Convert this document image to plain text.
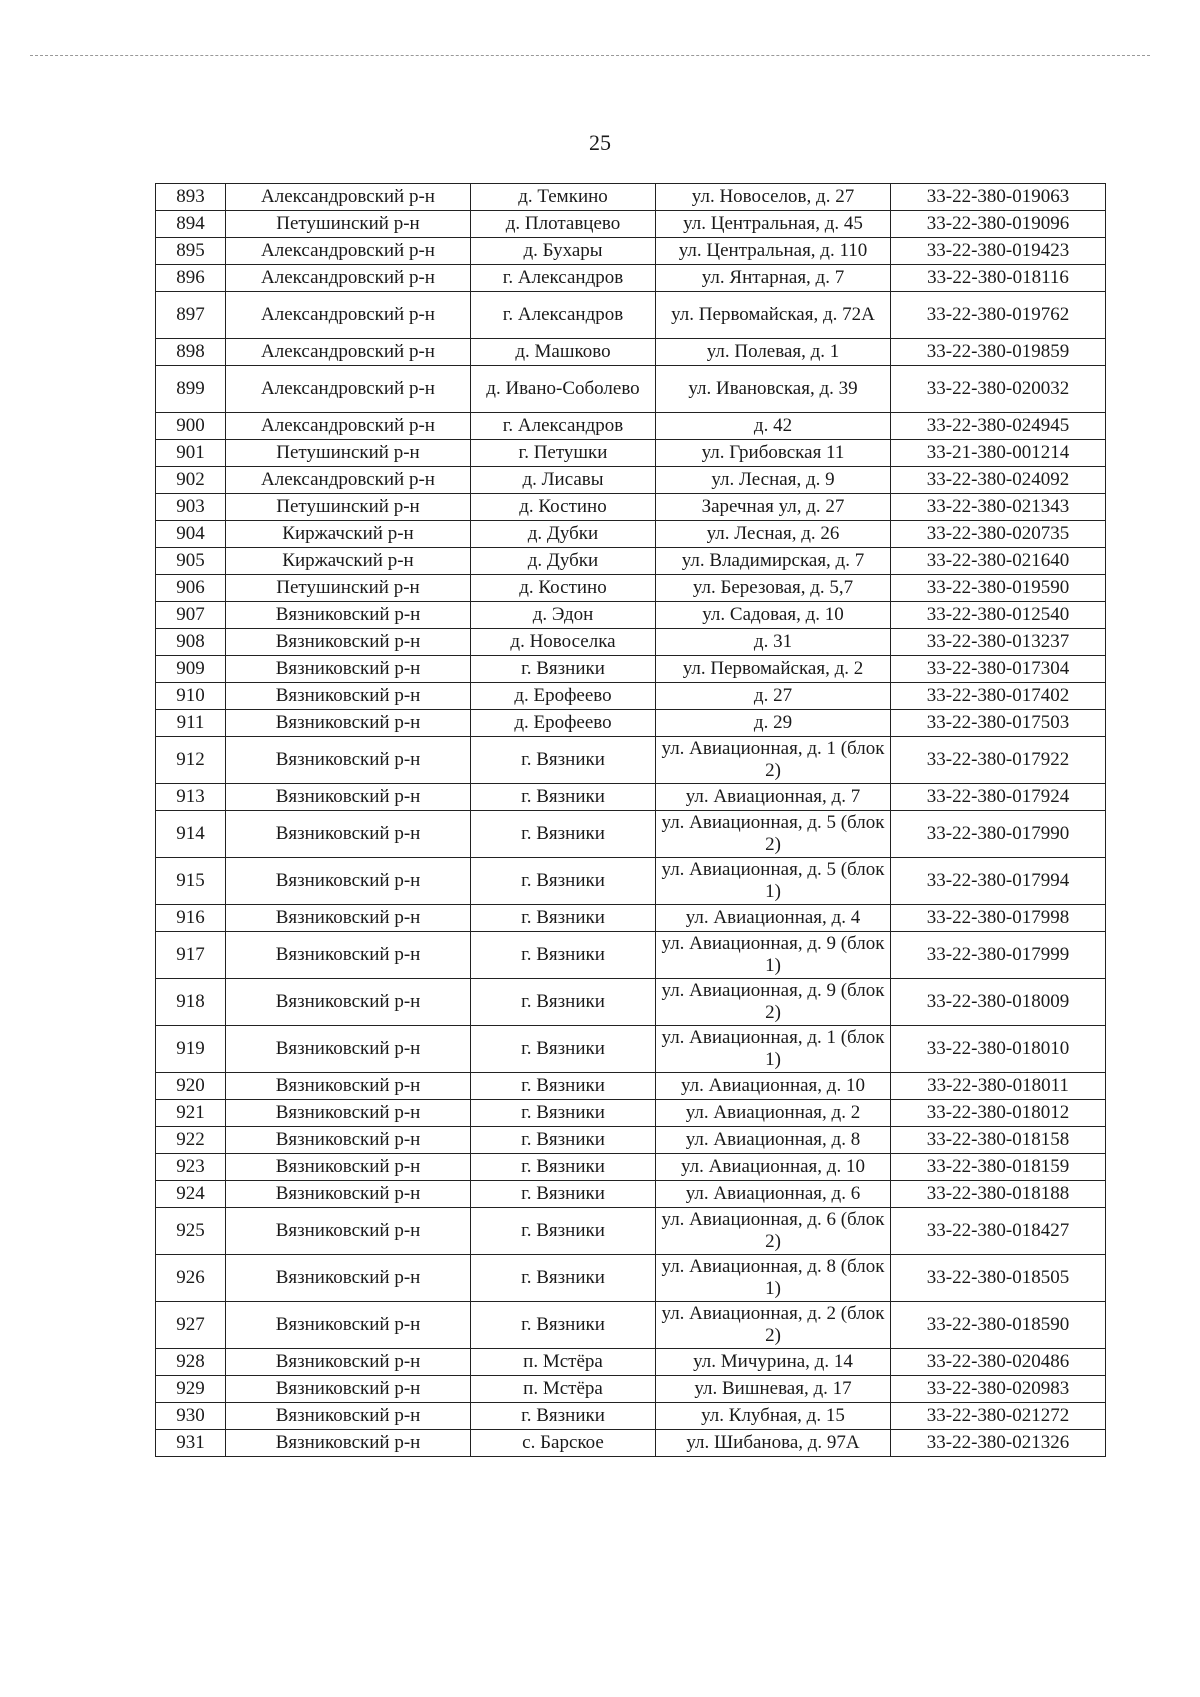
25
893	Александровский р-н	д. Темкино	ул. Новоселов, д. 27	33-22-380-019063
894	Петушинский р-н	д. Плотавцево	ул. Центральная, д. 45	33-22-380-019096
895	Александровский р-н	д. Бухары	ул. Центральная, д. 110	33-22-380-019423
896	Александровский р-н	г. Александров	ул. Янтарная, д. 7	33-22-380-018116
897	Александровский р-н	г. Александров	ул. Первомайская, д. 72А	33-22-380-019762
898	Александровский р-н	д. Машково	ул. Полевая, д. 1	33-22-380-019859
899	Александровский р-н	д. Ивано-Соболево	ул. Ивановская, д. 39	33-22-380-020032
900	Александровский р-н	г. Александров	д. 42	33-22-380-024945
901	Петушинский р-н	г. Петушки	ул. Грибовская 11	33-21-380-001214
902	Александровский р-н	д. Лисавы	ул. Лесная, д. 9	33-22-380-024092
903	Петушинский р-н	д. Костино	Заречная ул, д. 27	33-22-380-021343
904	Киржачский р-н	д. Дубки	ул. Лесная, д. 26	33-22-380-020735
905	Киржачский р-н	д. Дубки	ул. Владимирская, д. 7	33-22-380-021640
906	Петушинский р-н	д. Костино	ул. Березовая, д. 5,7	33-22-380-019590
907	Вязниковский р-н	д. Эдон	ул. Садовая, д. 10	33-22-380-012540
908	Вязниковский р-н	д. Новоселка	д. 31	33-22-380-013237
909	Вязниковский р-н	г. Вязники	ул. Первомайская, д. 2	33-22-380-017304
910	Вязниковский р-н	д. Ерофеево	д. 27	33-22-380-017402
911	Вязниковский р-н	д. Ерофеево	д. 29	33-22-380-017503
912	Вязниковский р-н	г. Вязники	ул. Авиационная, д. 1 (блок 2)	33-22-380-017922
913	Вязниковский р-н	г. Вязники	ул. Авиационная, д. 7	33-22-380-017924
914	Вязниковский р-н	г. Вязники	ул. Авиационная, д. 5 (блок 2)	33-22-380-017990
915	Вязниковский р-н	г. Вязники	ул. Авиационная, д. 5 (блок 1)	33-22-380-017994
916	Вязниковский р-н	г. Вязники	ул. Авиационная, д. 4	33-22-380-017998
917	Вязниковский р-н	г. Вязники	ул. Авиационная, д. 9 (блок 1)	33-22-380-017999
918	Вязниковский р-н	г. Вязники	ул. Авиационная, д. 9 (блок 2)	33-22-380-018009
919	Вязниковский р-н	г. Вязники	ул. Авиационная, д. 1 (блок 1)	33-22-380-018010
920	Вязниковский р-н	г. Вязники	ул. Авиационная, д. 10	33-22-380-018011
921	Вязниковский р-н	г. Вязники	ул. Авиационная, д. 2	33-22-380-018012
922	Вязниковский р-н	г. Вязники	ул. Авиационная, д. 8	33-22-380-018158
923	Вязниковский р-н	г. Вязники	ул. Авиационная, д. 10	33-22-380-018159
924	Вязниковский р-н	г. Вязники	ул. Авиационная, д. 6	33-22-380-018188
925	Вязниковский р-н	г. Вязники	ул. Авиационная, д. 6 (блок 2)	33-22-380-018427
926	Вязниковский р-н	г. Вязники	ул. Авиационная, д. 8 (блок 1)	33-22-380-018505
927	Вязниковский р-н	г. Вязники	ул. Авиационная, д. 2 (блок 2)	33-22-380-018590
928	Вязниковский р-н	п. Мстёра	ул. Мичурина, д. 14	33-22-380-020486
929	Вязниковский р-н	п. Мстёра	ул. Вишневая, д. 17	33-22-380-020983
930	Вязниковский р-н	г. Вязники	ул. Клубная, д. 15	33-22-380-021272
931	Вязниковский р-н	с. Барское	ул. Шибанова, д. 97А	33-22-380-021326
